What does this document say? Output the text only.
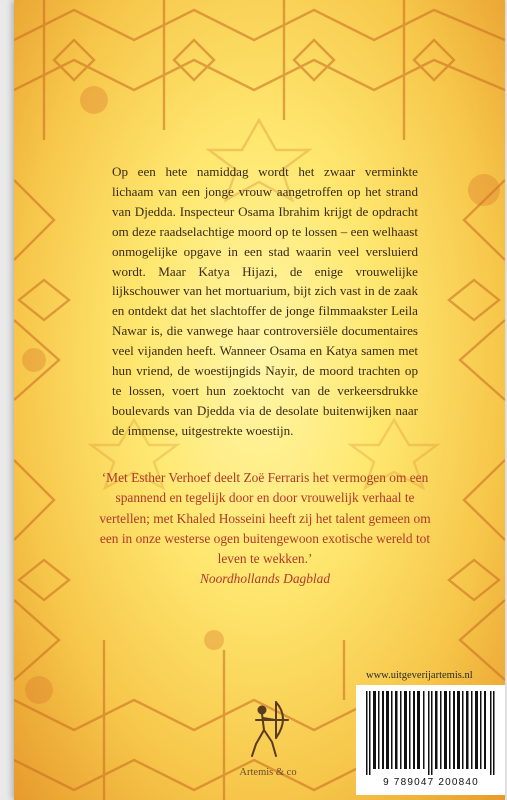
Op een hete namiddag wordt het zwaar verminkte lichaam van een jonge vrouw aangetroffen op het strand van Djedda. Inspecteur Osama Ibrahim krijgt de opdracht om deze raadselachtige moord op te lossen – een welhaast onmogelijke opgave in een stad waarin veel versluierd wordt. Maar Katya Hijazi, de enige vrouwelijke lijkschouwer van het mortuarium, bijt zich vast in de zaak en ontdekt dat het slachtoffer de jonge filmmaakster Leila Nawar is, die vanwege haar controversiële documentaires veel vijanden heeft. Wanneer Osama en Katya samen met hun vriend, de woestijngids Nayir, de moord trachten op te lossen, voert hun zoektocht van de verkeersdrukke boulevards van Djedda via de desolate buitenwijken naar de immense, uitgestrekte woestijn.
‘Met Esther Verhoef deelt Zoë Ferraris het vermogen om een spannend en tegelijk door en door vrouwelijk verhaal te vertellen; met Khaled Hosseini heeft zij het talent gemeen om een in onze westerse ogen buitengewoon exotische wereld tot leven te wekken.’
Noordhollands Dagblad
www.uitgeverijartemis.nl
Artemis & co
9 789047 200840
